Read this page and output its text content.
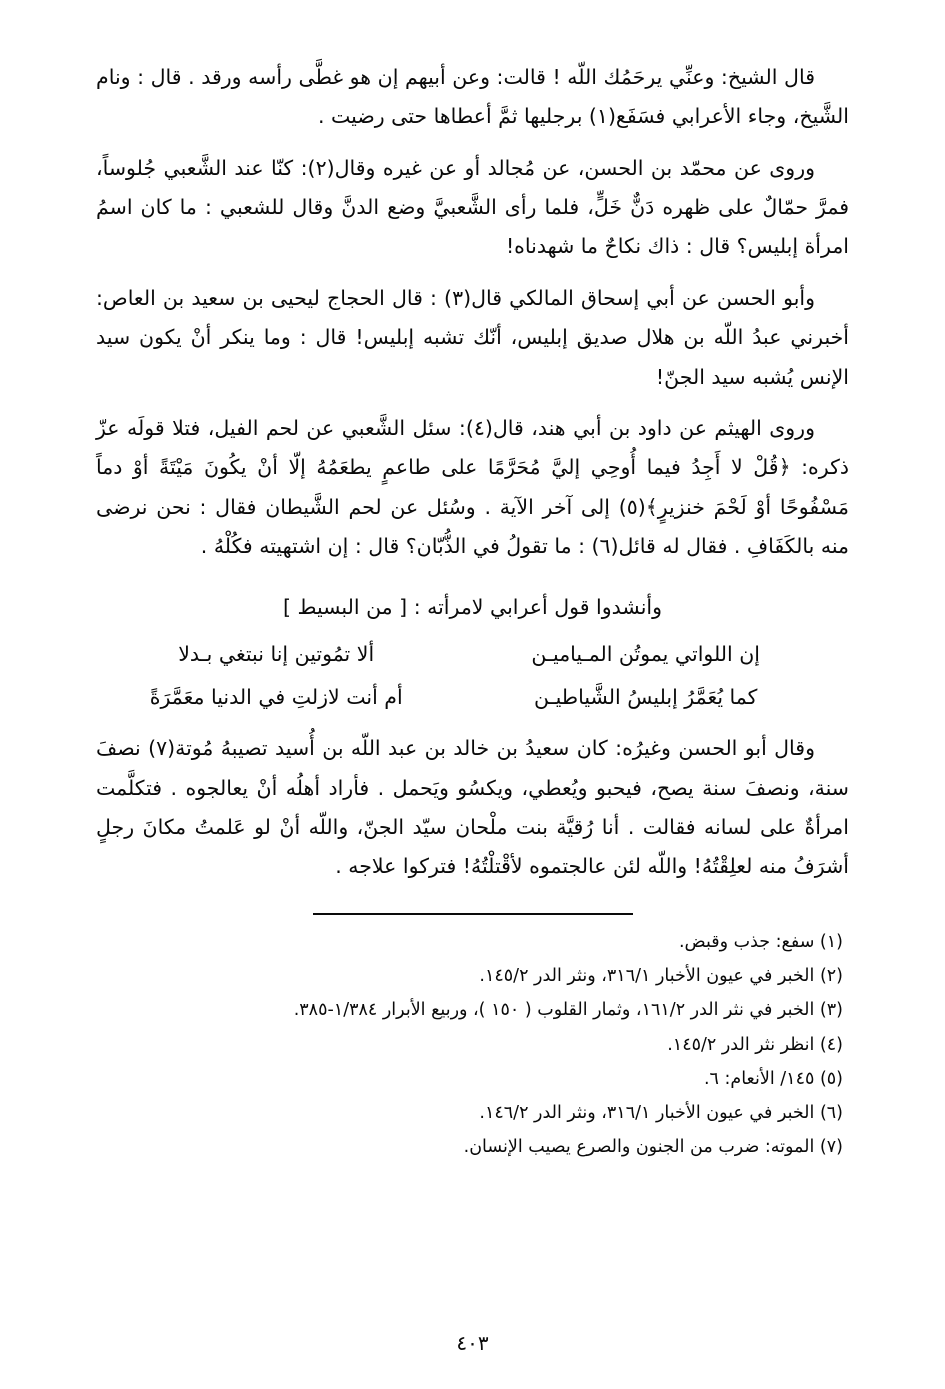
قال الشيخ: وعنِّي يرحَمُك اللّه ! قالت: وعن أبيهم إن هو غطَّى رأسه ورقد . قال : ونام الشَّيخ، وجاء الأعرابي فسَفَع(١) برجليها ثمَّ أعطاها حتى رضيت .

وروى عن محمّد بن الحسن، عن مُجالد أو عن غيره وقال(٢): كنّا عند الشَّعبي جُلوساً، فمرَّ حمّالٌ على ظهره دَنٌّ خَلٍّ، فلما رأى الشَّعبيَّ وضع الدنَّ وقال للشعبي : ما كان اسمُ امرأة إبليس؟ قال : ذاك نكاحٌ ما شهدناه!

وأبو الحسن عن أبي إسحاق المالكي قال(٣) : قال الحجاج ليحيى بن سعيد بن العاص: أخبرني عبدُ اللّه بن هلال صديق إبليس، أنّك تشبه إبليس! قال : وما ينكر أنْ يكون سيد الإنس يُشبه سيد الجنّ!

وروى الهيثم عن داود بن أبي هند، قال(٤): سئل الشَّعبي عن لحم الفيل، فتلا قولَه عزّ ذكره: ﴿قُلْ لا أَجِدُ فيما أُوحِي إليَّ مُحَرَّمًا على طاعمٍ يطعَمُهُ إلّا أنْ يكُونَ مَيْتَةً أوْ دماً مَسْفُوحًا أوْ لَحْمَ خنزيرٍ﴾(٥) إلى آخر الآية . وسُئل عن لحم الشَّيطان فقال : نحن نرضى منه بالكَفَافِ . فقال له قائل(٦) : ما تقولُ في الذُّبّان؟ قال : إن اشتهيته فكُلْهُ .

وأنشدوا قول أعرابي لامرأته : [ من البسيط ]
إن اللواتي يموتُن المـياميـن	ألا تمُوتين إنا نبتغي بـدلا
كما يُعَمَّرُ إبليسُ الشَّياطيـن	أم أنت لازلتِ في الدنيا معَمَّرَةً

وقال أبو الحسن وغيرُه: كان سعيدُ بن خالد بن عبد اللّه بن أُسيد تصيبهُ مُوتة(٧) نصفَ سنة، ونصفَ سنة يصح، فيحبو ويُعطي، ويكسُو ويَحمل . فأراد أهلُه أنْ يعالجوه . فتكلَّمت امرأةٌ على لسانه فقالت . أنا رُقيَّة بنت ملْحان سيّد الجنّ، واللّه أنْ لو عَلمتُ مكانَ رجلٍ أشرَفُ منه لعلِقْتُهُ! واللّه لئن عالجتموه لأقْتلْتُهُ! فتركوا علاجه .

(١) سفع: جذب وقبض.

(٢) الخبر في عيون الأخبار ٣١٦/١، ونثر الدر ١٤٥/٢.

(٣) الخبر في نثر الدر ١٦١/٢، وثمار القلوب ( ١٥٠ )، وربيع الأبرار ١/٣٨٤-٣٨٥.

(٤) انظر نثر الدر ١٤٥/٢.

(٥) ١٤٥/ الأنعام: ٦.

(٦) الخبر في عيون الأخبار ٣١٦/١، ونثر الدر ١٤٦/٢.

(٧) الموته: ضرب من الجنون والصرع يصيب الإنسان.

٤٠٣
